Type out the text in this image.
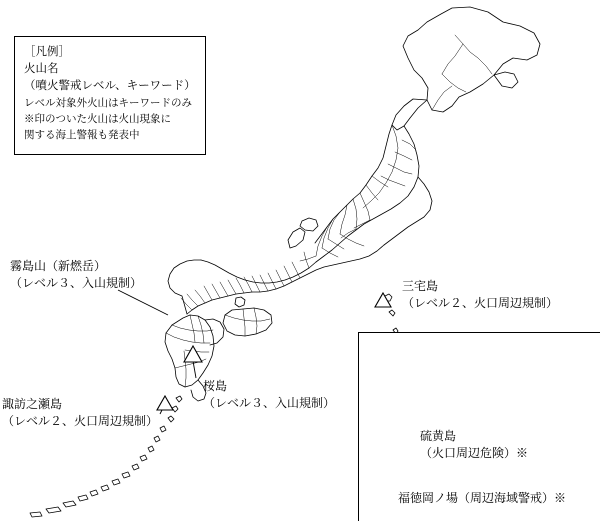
［凡例］
火山名
（噴火警戒レベル、キーワード）
レベル対象外火山はキーワードのみ
※印のついた火山は火山現象に
関する海上警報も発表中
霧島山（新燃岳）
（レベル３、入山規制）	三宅島
（レベル２、火口周辺規制）
桜島
（レベル３、入山規制）
諏訪之瀬島
（レベル２、火口周辺規制）
硫黄島
（火口周辺危険）※
福徳岡ノ場（周辺海域警戒）※
